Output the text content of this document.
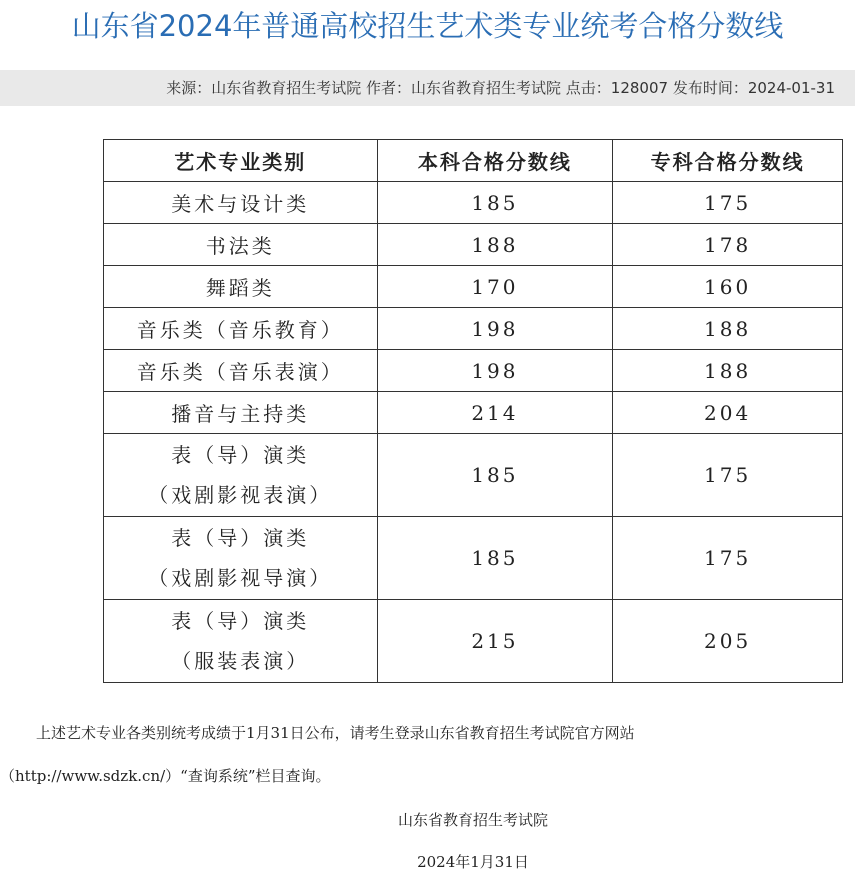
山东省2024年普通高校招生艺术类专业统考合格分数线
来源：山东省教育招生考试院 作者：山东省教育招生考试院 点击：128007 发布时间：2024-01-31
艺术专业类别	本科合格分数线	专科合格分数线

美术与设计类	185	175

书法类	188	178

舞蹈类	170	160

音乐类（音乐教育）	198	188

音乐类（音乐表演）	198	188

播音与主持类	214	204

表（导）演类
（戏剧影视表演）	185	175

表（导）演类
（戏剧影视导演）	185	175

表（导）演类
（服装表演）	215	205
上述艺术专业各类别统考成绩于1月31日公布，请考生登录山东省教育招生考试院官方网站
（http://www.sdzk.cn/）“查询系统”栏目查询。
山东省教育招生考试院
2024年1月31日
